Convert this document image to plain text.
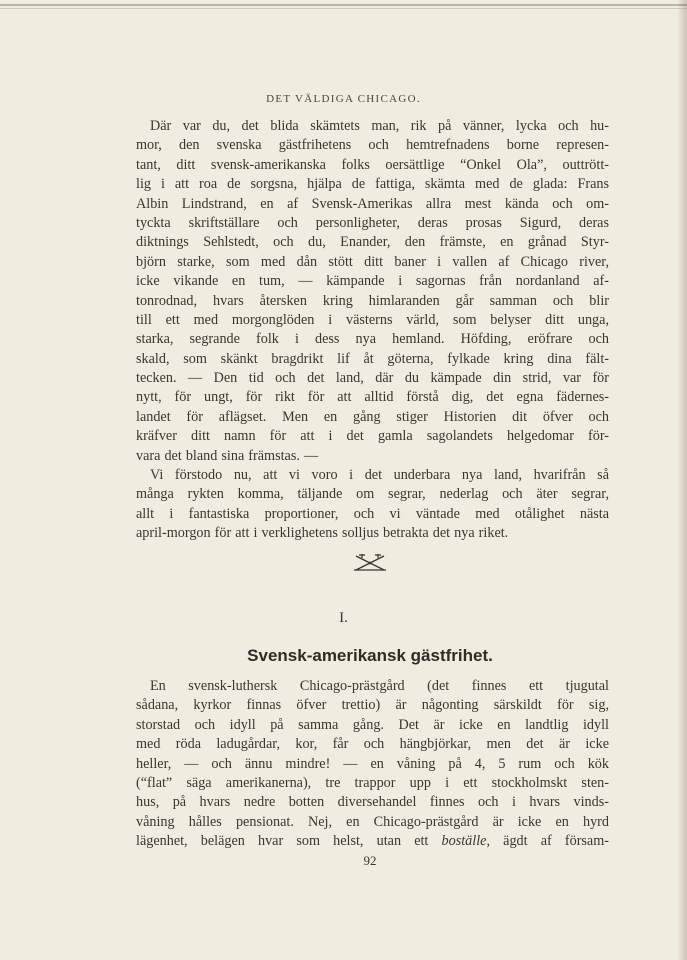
DET VÄLDIGA CHICAGO.
Där var du, det blida skämtets man, rik på vänner, lycka och hu-
mor, den svenska gästfrihetens och hemtrefnadens borne represen-
tant, ditt svensk-amerikanska folks oersättlige “Onkel Ola”, outtrött-
lig i att roa de sorgsna, hjälpa de fattiga, skämta med de glada: Frans
Albin Lindstrand, en af Svensk-Amerikas allra mest kända och om-
tyckta skriftställare och personligheter, deras prosas Sigurd, deras
diktnings Sehlstedt, och du, Enander, den främste, en grånad Styr-
björn starke, som med dån stött ditt baner i vallen af Chicago river,
icke vikande en tum, — kämpande i sagornas från nordanland af-
tonrodnad, hvars återsken kring himlaranden går samman och blir
till ett med morgonglöden i västerns värld, som belyser ditt unga,
starka, segrande folk i dess nya hemland. Höfding, eröfrare och
skald, som skänkt bragdrikt lif åt göterna, fylkade kring dina fält-
tecken. — Den tid och det land, där du kämpade din strid, var för
nytt, för ungt, för rikt för att alltid förstå dig, det egna fädernes-
landet för aflägset. Men en gång stiger Historien dit öfver och
kräfver ditt namn för att i det gamla sagolandets helgedomar för-
vara det bland sina främstas. —
Vi förstodo nu, att vi voro i det underbara nya land, hvarifrån så
många rykten komma, täljande om segrar, nederlag och äter segrar,
allt i fantastiska proportioner, och vi väntade med otålighet nästa
april-morgon för att i verklighetens solljus betrakta det nya riket.
I.
Svensk-amerikansk gästfrihet.
En svensk-luthersk Chicago-prästgård (det finnes ett tjugutal
sådana, kyrkor finnas öfver trettio) är någonting särskildt för sig,
storstad och idyll på samma gång. Det är icke en landtlig idyll
med röda ladugårdar, kor, får och hängbjörkar, men det är icke
heller, — och ännu mindre! — en våning på 4, 5 rum och kök
(“flat” säga amerikanerna), tre trappor upp i ett stockholmskt sten-
hus, på hvars nedre botten diversehandel finnes och i hvars vinds-
våning hålles pensionat. Nej, en Chicago-prästgård är icke en hyrd
lägenhet, belägen hvar som helst, utan ett boställe, ägdt af försam-
92
